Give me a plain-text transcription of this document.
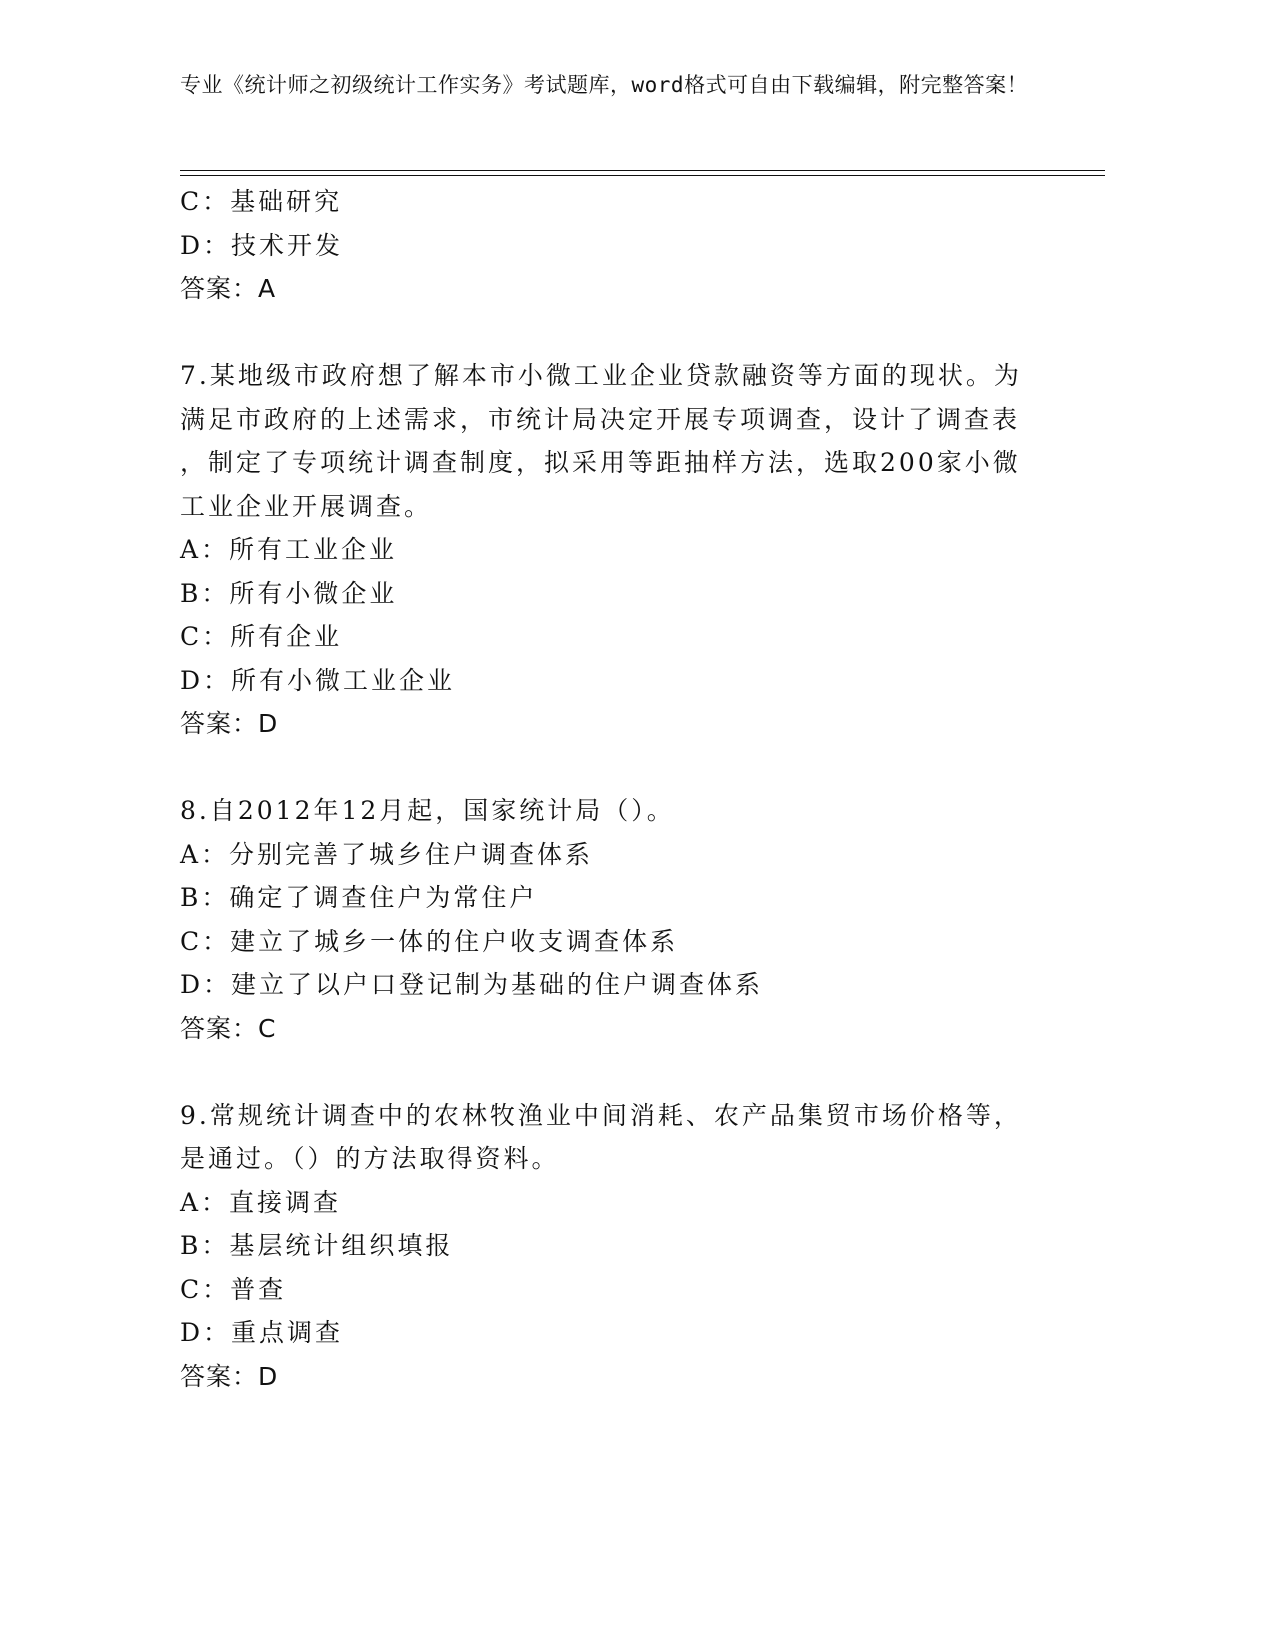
专业《统计师之初级统计工作实务》考试题库，word格式可自由下载编辑，附完整答案！
C：基础研究
D：技术开发
答案：A
7.某地级市政府想了解本市小微工业企业贷款融资等方面的现状。为
满足市政府的上述需求，市统计局决定开展专项调查，设计了调查表
，制定了专项统计调查制度，拟采用等距抽样方法，选取200家小微
工业企业开展调查。
A：所有工业企业
B：所有小微企业
C：所有企业
D：所有小微工业企业
答案：D
8.自2012年12月起，国家统计局（）。
A：分别完善了城乡住户调查体系
B：确定了调查住户为常住户
C：建立了城乡一体的住户收支调查体系
D：建立了以户口登记制为基础的住户调查体系
答案：C
9.常规统计调查中的农林牧渔业中间消耗、农产品集贸市场价格等，
是通过。（）的方法取得资料。
A：直接调查
B：基层统计组织填报
C：普查
D：重点调查
答案：D
